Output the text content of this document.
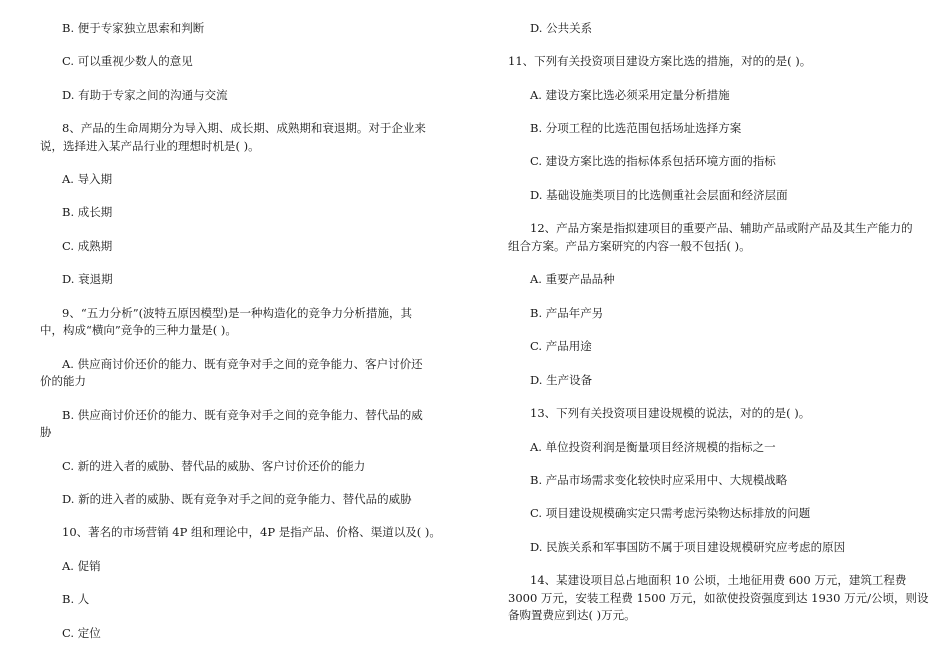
B. 便于专家独立思索和判断
C. 可以重视少数人的意见
D. 有助于专家之间的沟通与交流
8、产品的生命周期分为导入期、成长期、成熟期和衰退期。对于企业来
说，选择进入某产品行业的理想时机是( )。
A. 导入期
B. 成长期
C. 成熟期
D. 衰退期
9、“五力分析”(波特五原因模型)是一种构造化的竞争力分析措施，其
中，构成“横向”竞争的三种力量是( )。
A. 供应商讨价还价的能力、既有竞争对手之间的竞争能力、客户讨价还
价的能力
B. 供应商讨价还价的能力、既有竞争对手之间的竞争能力、替代品的威
胁
C. 新的进入者的威胁、替代品的威胁、客户讨价还价的能力
D. 新的进入者的威胁、既有竞争对手之间的竞争能力、替代品的威胁
10、著名的市场营销 4P 组和理论中，4P 是指产品、价格、渠道以及( )。
A. 促销
B. 人
C. 定位
D. 公共关系
11、下列有关投资项目建设方案比选的措施，对的的是( )。
A. 建设方案比选必须采用定量分析措施
B. 分项工程的比选范围包括场址选择方案
C. 建设方案比选的指标体系包括环境方面的指标
D. 基础设施类项目的比选侧重社会层面和经济层面
12、产品方案是指拟建项目的重要产品、辅助产品或附产品及其生产能力的
组合方案。产品方案研究的内容一般不包括( )。
A. 重要产品品种
B. 产品年产另
C. 产品用途
D. 生产设备
13、下列有关投资项目建设规模的说法，对的的是( )。
A. 单位投资利润是衡量项目经济规模的指标之一
B. 产品市场需求变化较快时应采用中、大规模战略
C. 项目建设规模确实定只需考虑污染物达标排放的问题
D. 民族关系和军事国防不属于项目建设规模研究应考虑的原因
14、某建设项目总占地面积 10 公顷，土地征用费 600 万元，建筑工程费
3000 万元，安装工程费 1500 万元，如欲使投资强度到达 1930 万元/公顷，则设
备购置费应到达( )万元。
